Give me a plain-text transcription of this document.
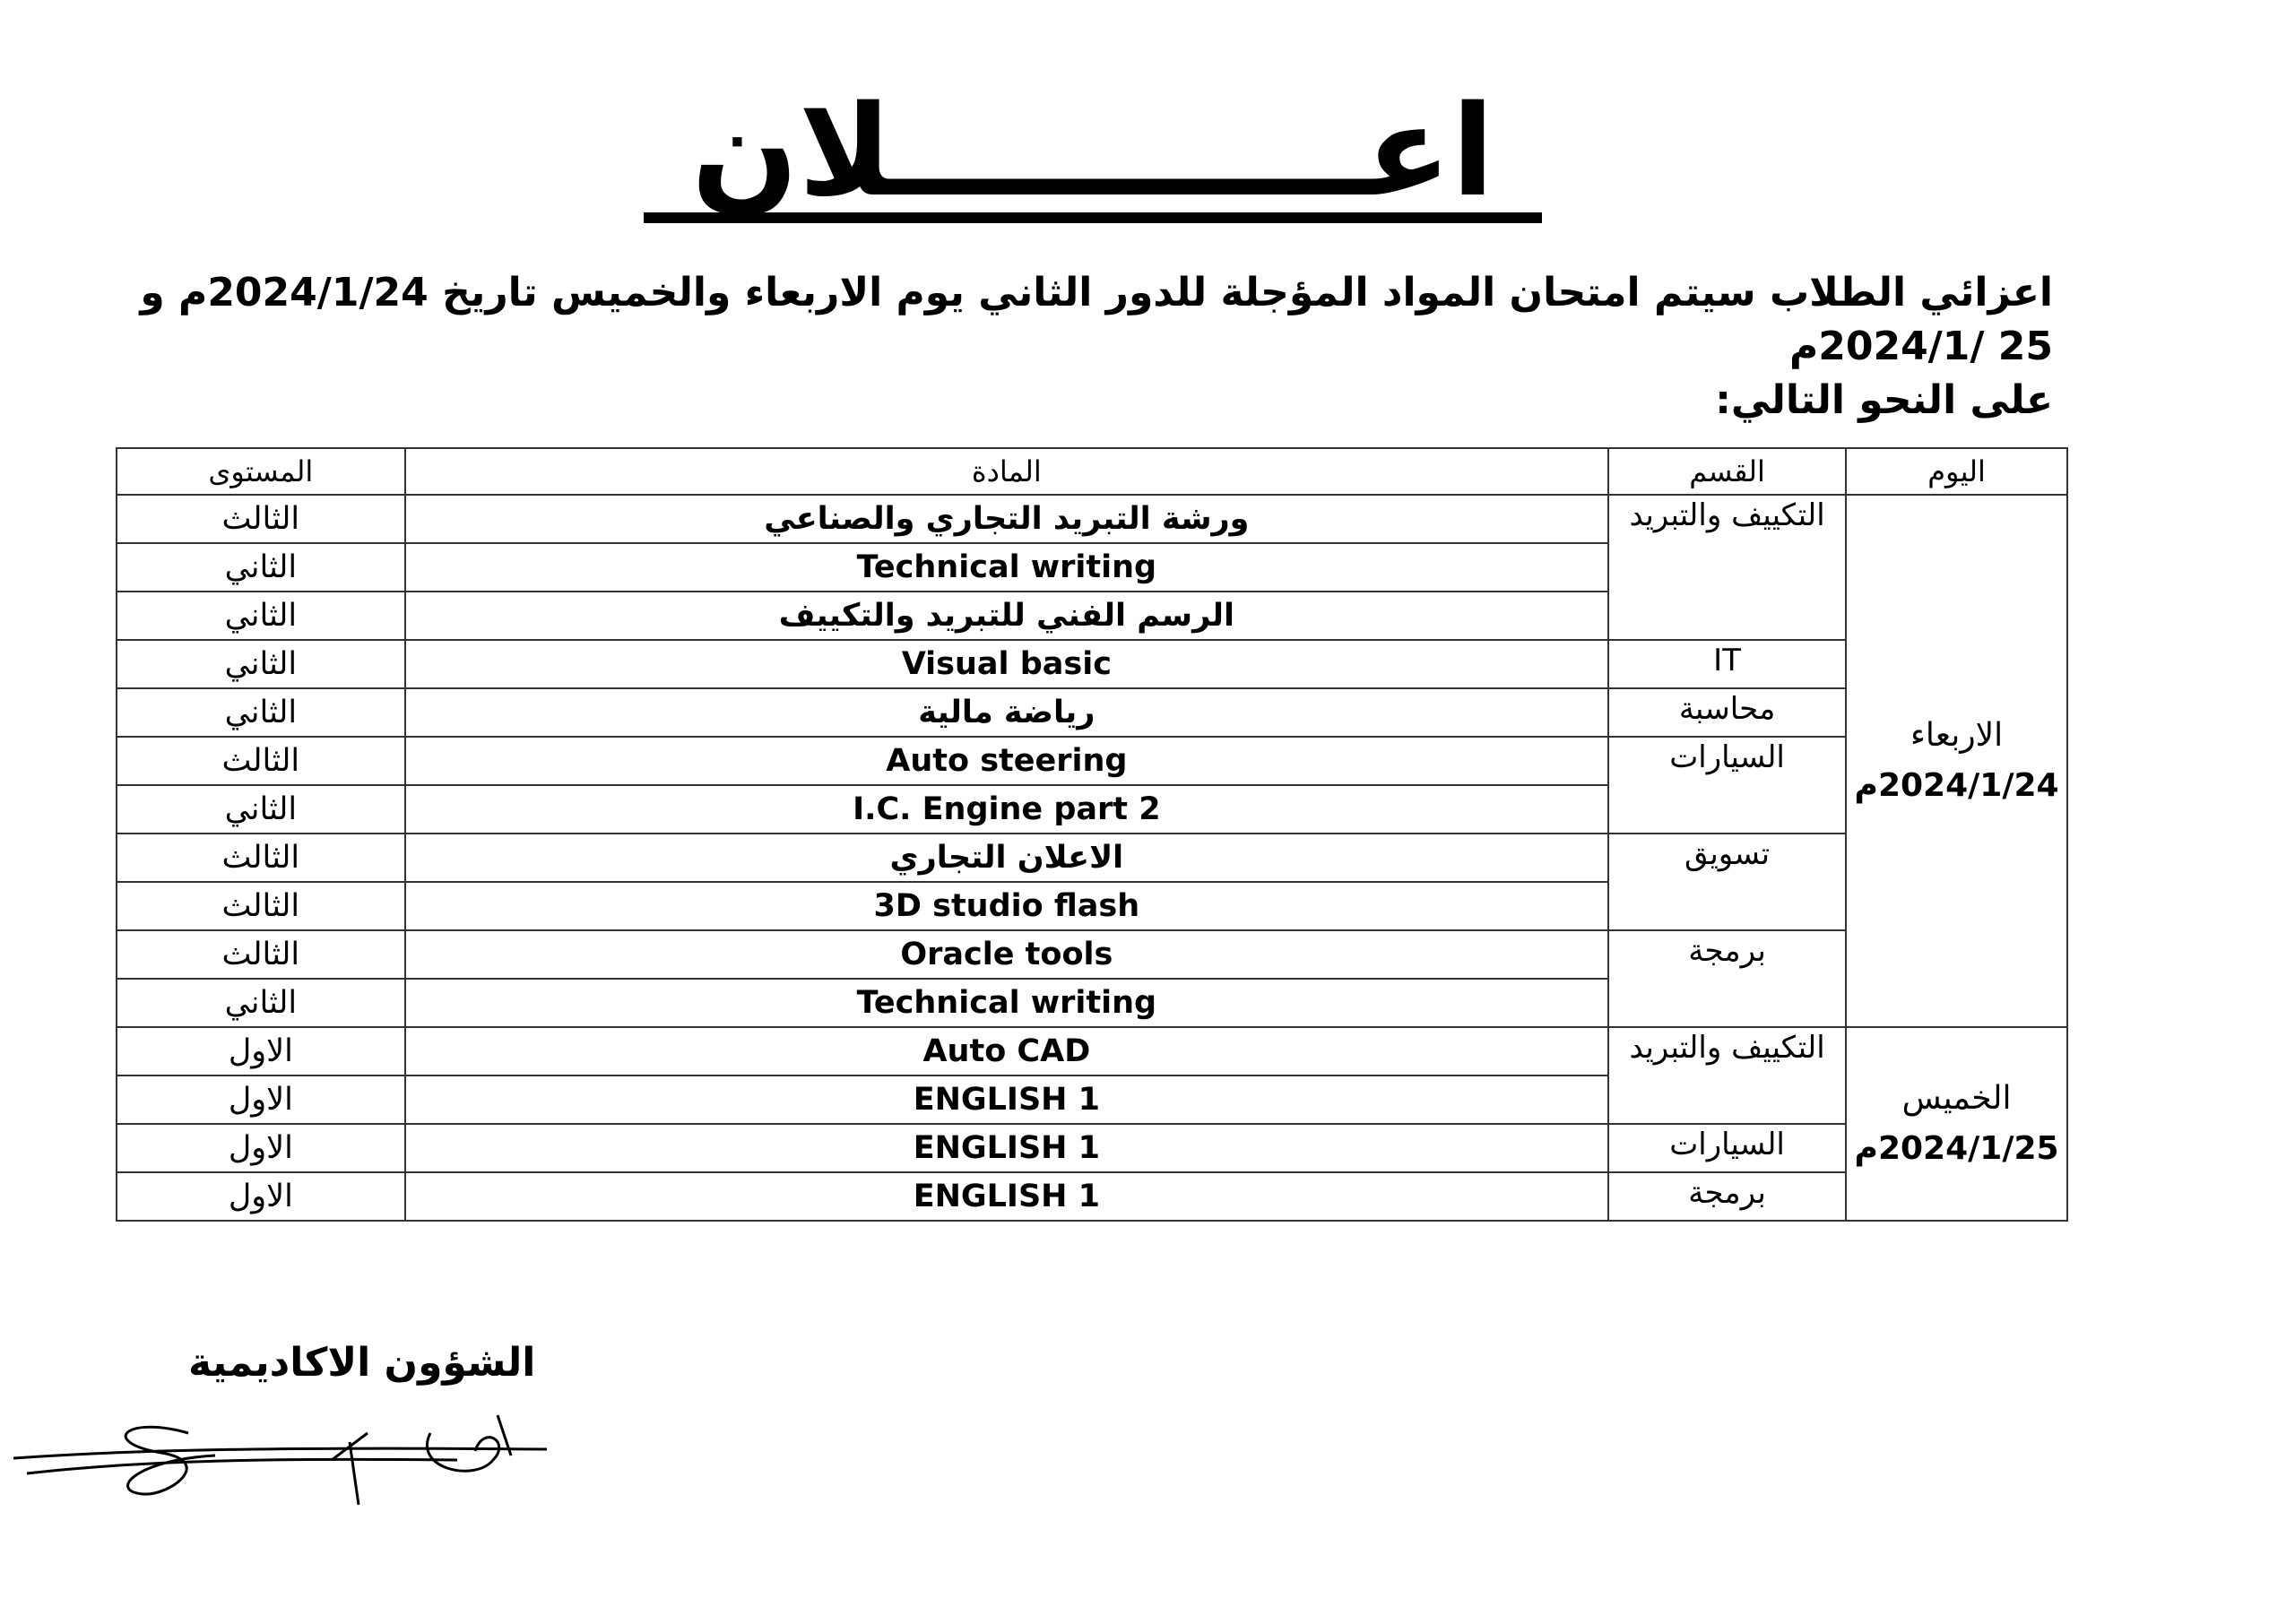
اعـــــــــــلان
اعزائي الطلاب سيتم امتحان المواد المؤجلة للدور الثاني يوم الاربعاء والخميس تاريخ 2024/1/24م و 25 /2024/1م
على النحو التالي:
اليوم	القسم	المادة	المستوى

الاربعاء
2024/1/24م	التكييف والتبريد	ورشة التبريد التجاري والصناعي	الثالث
		Technical writing	الثاني
		الرسم الفني للتبريد والتكييف	الثاني
	IT	Visual basic	الثاني
	محاسبة	رياضة مالية	الثاني
	السيارات	Auto steering	الثالث
		I.C. Engine part 2	الثاني
	تسويق	الاعلان التجاري	الثالث
		3D studio flash	الثالث
	برمجة	Oracle tools	الثالث
		Technical writing	الثاني

الخميس
2024/1/25م	التكييف والتبريد	Auto CAD	الاول
		ENGLISH 1	الاول
	السيارات	ENGLISH 1	الاول
	برمجة	ENGLISH 1	الاول
الشؤون الاكاديمية
